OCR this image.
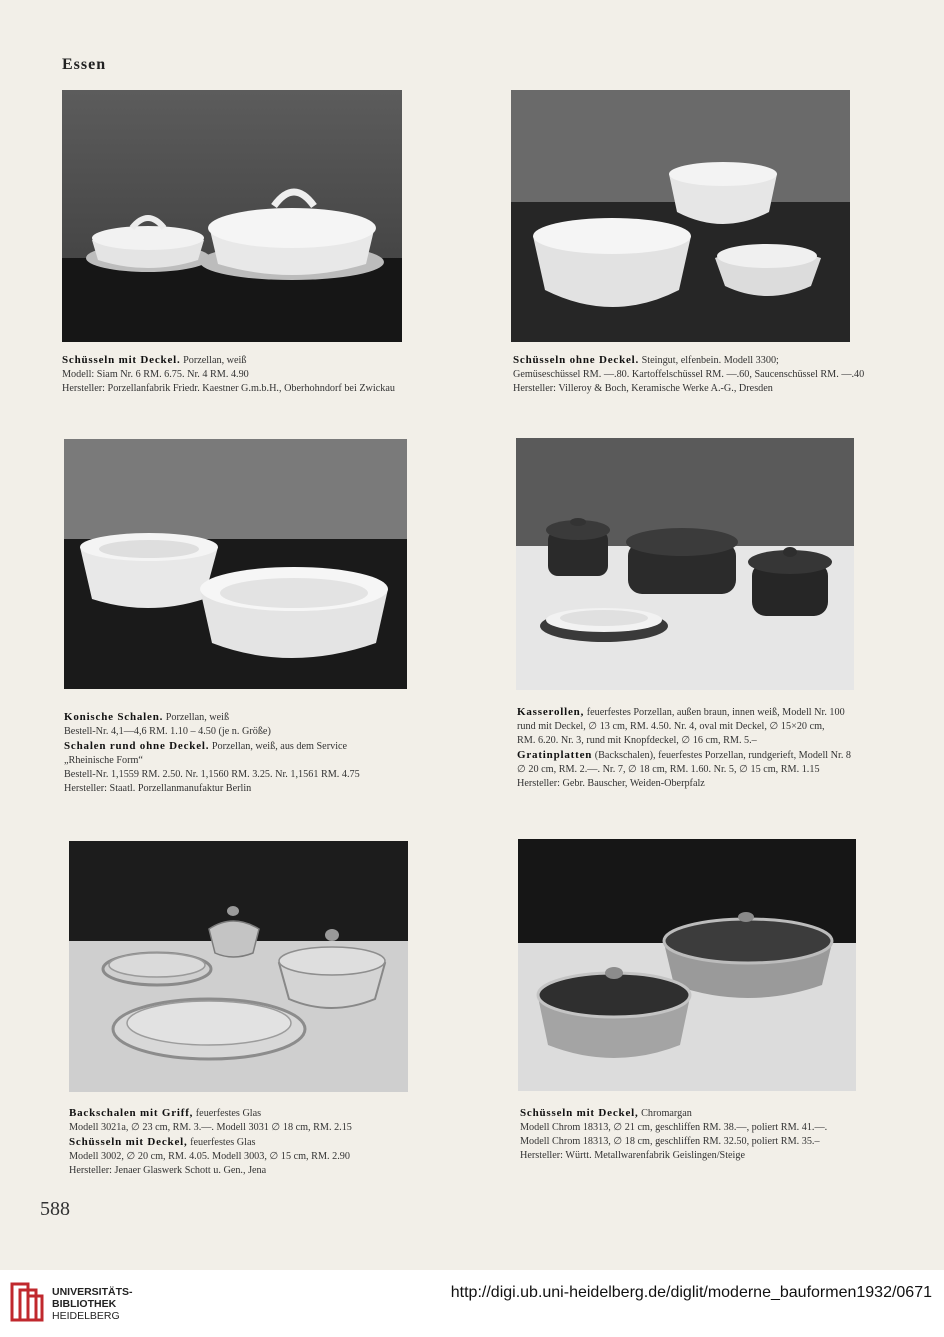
Essen

Schüsseln mit Deckel. Porzellan, weiß

Modell: Siam Nr. 6 RM. 6.75. Nr. 4 RM. 4.90

Hersteller: Porzellanfabrik Friedr. Kaestner G.m.b.H., Oberhohndorf bei Zwickau

Schüsseln ohne Deckel. Steingut, elfenbein. Modell 3300;

Gemüseschüssel RM. —.80. Kartoffelschüssel RM. —.60, Saucenschüssel RM. —.40

Hersteller: Villeroy & Boch, Keramische Werke A.-G., Dresden

Konische Schalen. Porzellan, weiß

Bestell-Nr. 4,1—4,6 RM. 1.10 – 4.50 (je n. Größe)

Schalen rund ohne Deckel. Porzellan, weiß, aus dem Service

„Rheinische Form“

Bestell-Nr. 1,1559 RM. 2.50. Nr. 1,1560 RM. 3.25. Nr. 1,1561 RM. 4.75

Hersteller: Staatl. Porzellanmanufaktur Berlin

Kasserollen, feuerfestes Porzellan, außen braun, innen weiß, Modell Nr. 100

rund mit Deckel, ∅ 13 cm, RM. 4.50. Nr. 4, oval mit Deckel, ∅ 15×20 cm,

RM. 6.20. Nr. 3, rund mit Knopfdeckel, ∅ 16 cm, RM. 5.–

Gratinplatten (Backschalen), feuerfestes Porzellan, rundgerieft, Modell Nr. 8

∅ 20 cm, RM. 2.—. Nr. 7, ∅ 18 cm, RM. 1.60. Nr. 5, ∅ 15 cm, RM. 1.15

Hersteller: Gebr. Bauscher, Weiden-Oberpfalz

Backschalen mit Griff, feuerfestes Glas

Modell 3021a, ∅ 23 cm, RM. 3.—. Modell 3031 ∅ 18 cm, RM. 2.15

Schüsseln mit Deckel, feuerfestes Glas

Modell 3002, ∅ 20 cm, RM. 4.05. Modell 3003, ∅ 15 cm, RM. 2.90

Hersteller: Jenaer Glaswerk Schott u. Gen., Jena

Schüsseln mit Deckel, Chromargan

Modell Chrom 18313, ∅ 21 cm, geschliffen RM. 38.—, poliert RM. 41.—.

Modell Chrom 18313, ∅ 18 cm, geschliffen RM. 32.50, poliert RM. 35.–

Hersteller: Württ. Metallwarenfabrik Geislingen/Steige

588
UNIVERSITÄTS-
BIBLIOTHEK
HEIDELBERG
http://digi.ub.uni-heidelberg.de/diglit/moderne_bauformen1932/0671
